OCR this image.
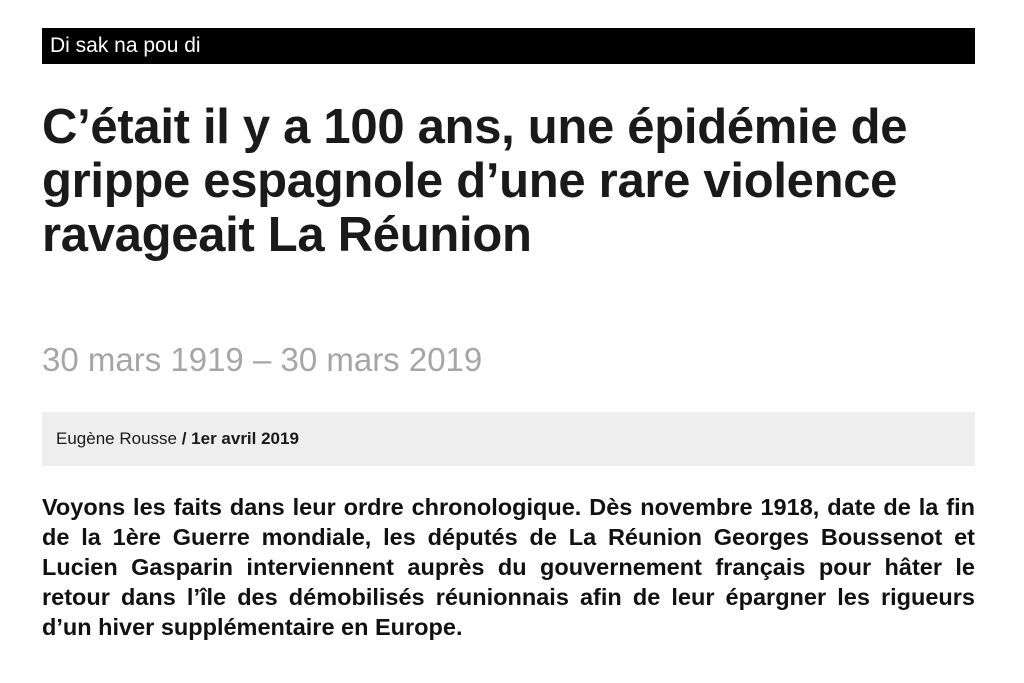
Di sak na pou di
C’était il y a 100 ans, une épidémie de grippe espagnole d’une rare violence ravageait La Réunion
30 mars 1919 – 30 mars 2019
Eugène Rousse / 1er avril 2019

Voyons les faits dans leur ordre chronologique. Dès novembre 1918, date de la fin de la 1ère Guerre mondiale, les députés de La Réunion Georges Boussenot et Lucien Gasparin interviennent auprès du gouvernement français pour hâter le retour dans l’île des démobilisés réunionnais afin de leur épargner les rigueurs d’un hiver supplémentaire en Europe.
